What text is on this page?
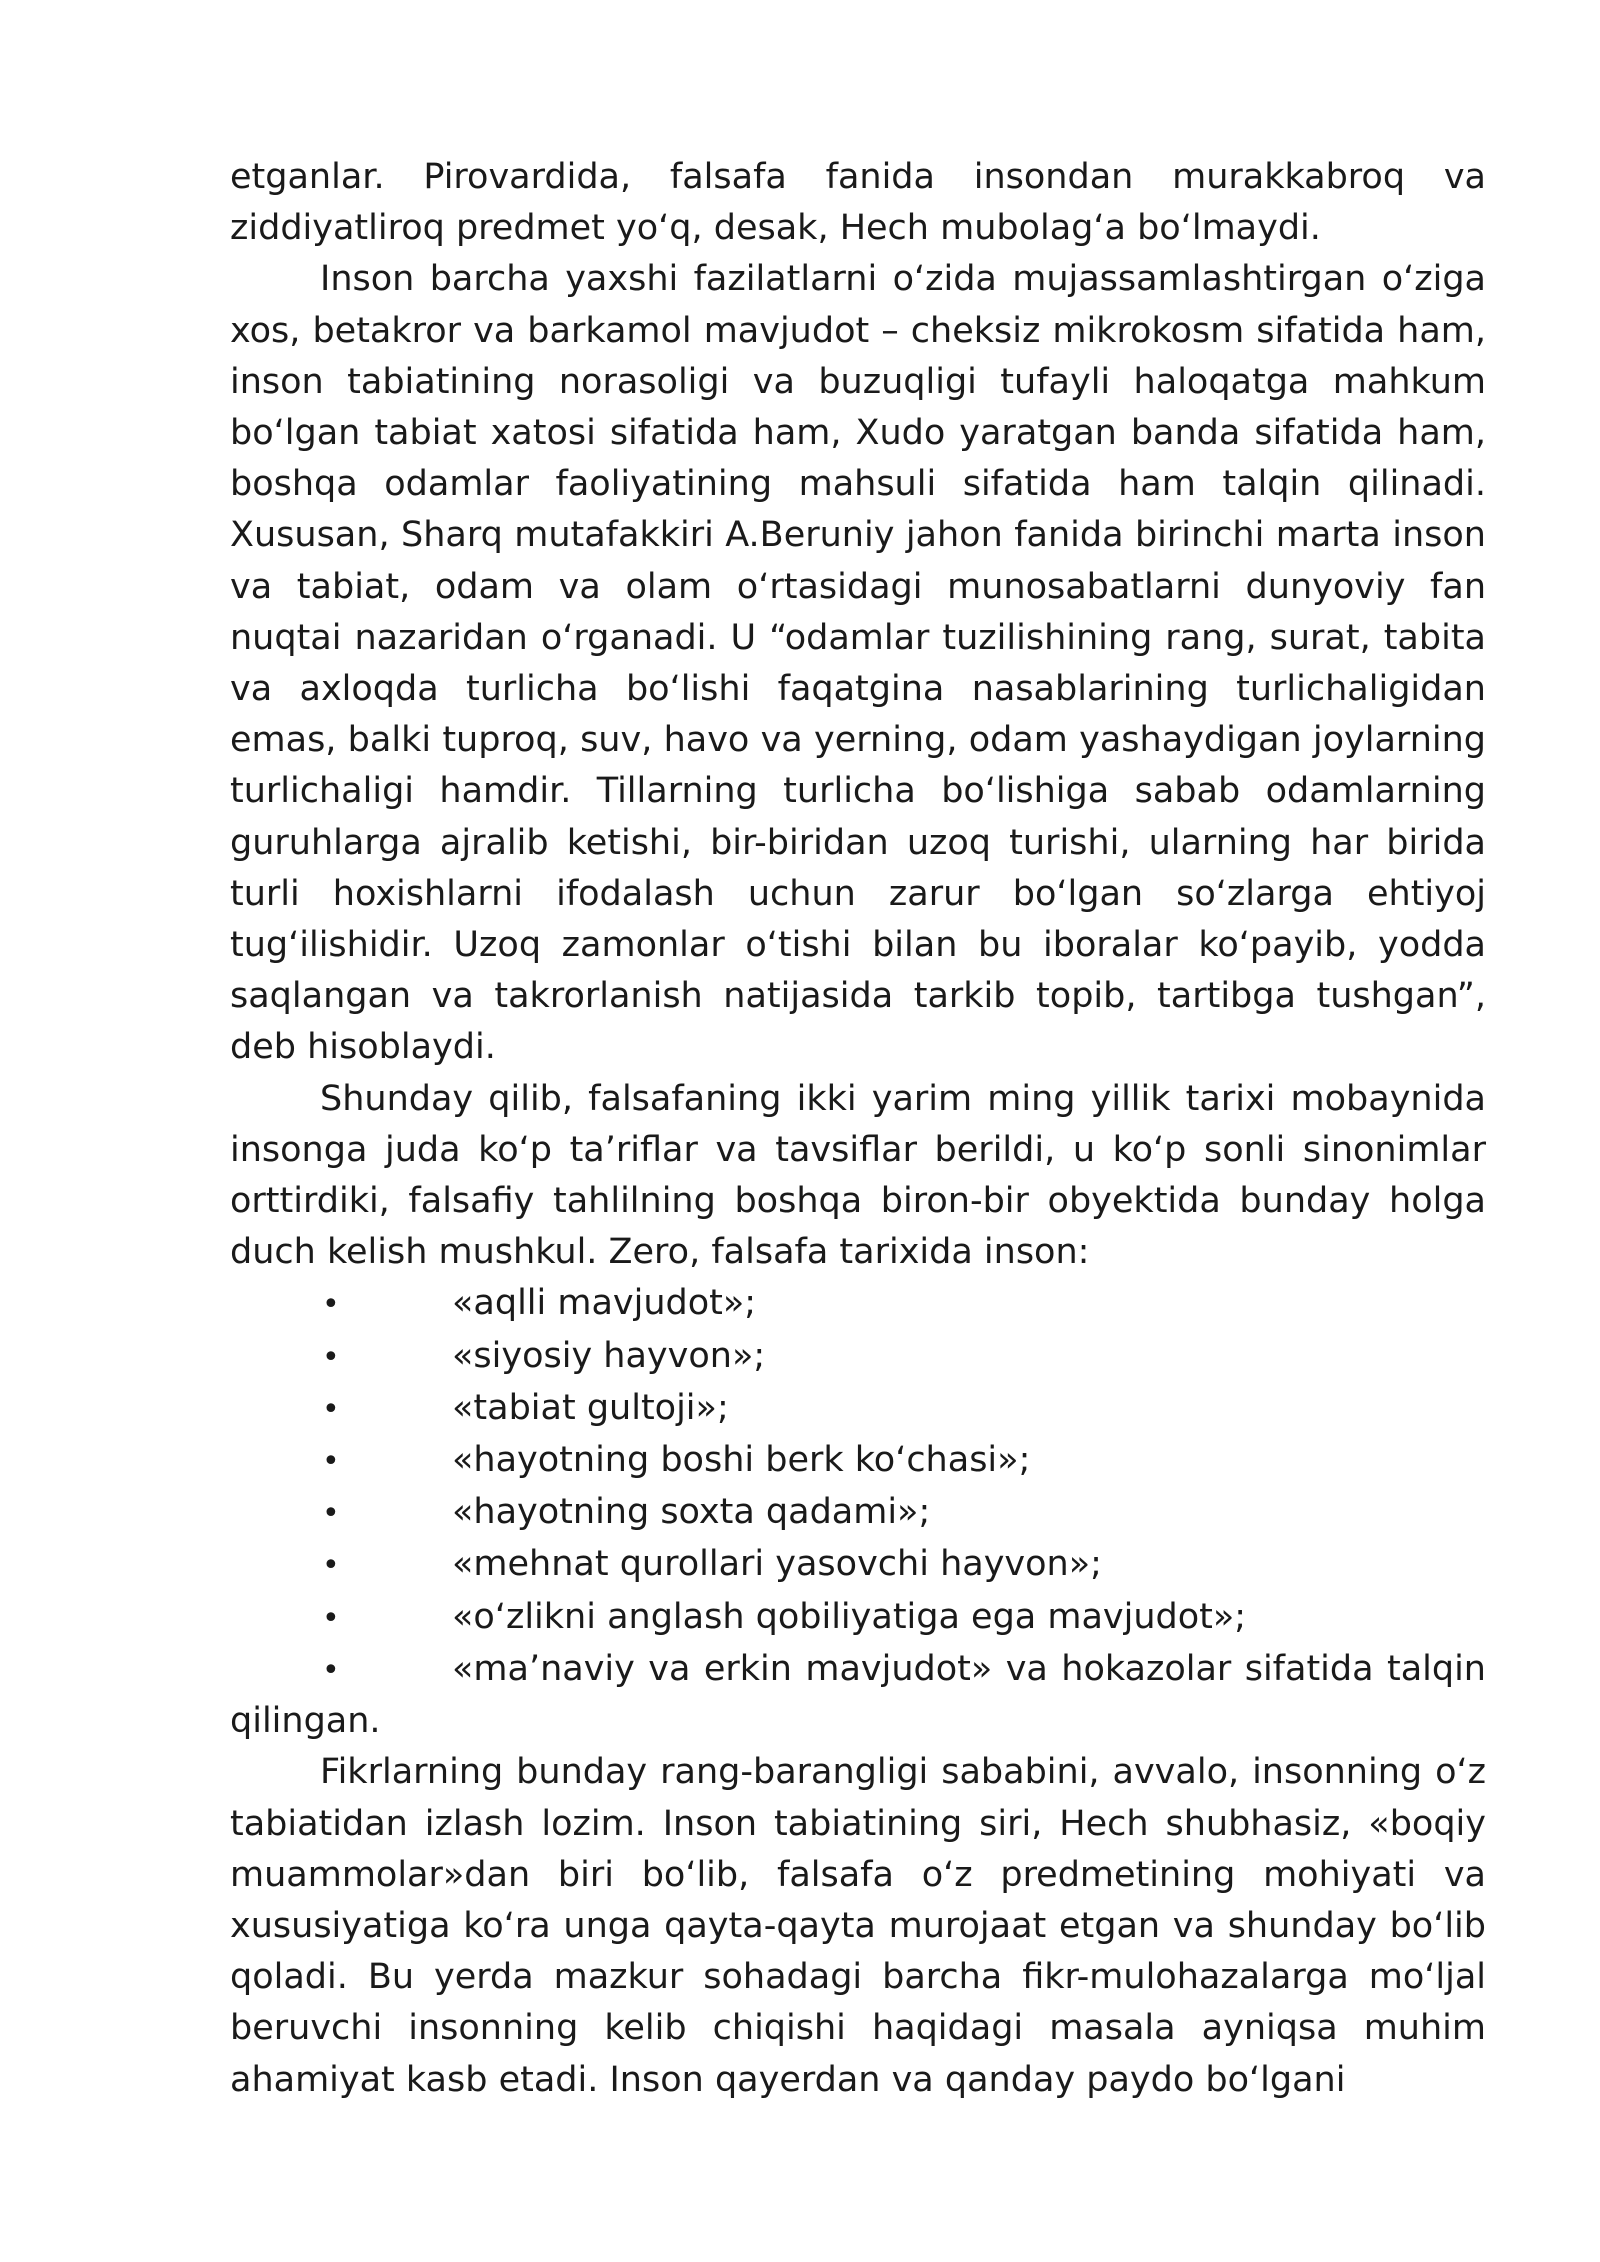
etganlar. Pirovardida, falsafa fanida insondan murakkabroq va ziddiyatliroq predmet yo‘q, desak, Hech mubolag‘a bo‘lmaydi.

Inson barcha yaxshi fazilatlarni o‘zida mujassamlashtirgan o‘ziga xos, betakror va barkamol mavjudot – cheksiz mikrokosm sifatida ham, inson tabiatining norasoligi va buzuqligi tufayli haloqatga mahkum bo‘lgan tabiat xatosi sifatida ham, Xudo yaratgan banda sifatida ham, boshqa odamlar faoliyatining mahsuli sifatida ham talqin qilinadi. Xususan, Sharq mutafakkiri A.Beruniy jahon fanida birinchi marta inson va tabiat, odam va olam o‘rtasidagi munosabatlarni dunyoviy fan nuqtai nazaridan o‘rganadi. U “odamlar tuzilishining rang, surat, tabita va axloqda turlicha bo‘lishi faqatgina nasablarining turlichaligidan emas, balki tuproq, suv, havo va yerning, odam yashaydigan joylarning turlichaligi hamdir. Tillarning turlicha bo‘lishiga sabab odamlarning guruhlarga ajralib ketishi, bir-biridan uzoq turishi, ularning har birida turli hoxishlarni ifodalash uchun zarur bo‘lgan so‘zlarga ehtiyoj tug‘ilishidir. Uzoq zamonlar o‘tishi bilan bu iboralar ko‘payib, yodda saqlangan va takrorlanish natijasida tarkib topib, tartibga tushgan”, deb hisoblaydi.

Shunday qilib, falsafaning ikki yarim ming yillik tarixi mobaynida insonga juda ko‘p ta’riflar va tavsiflar berildi, u ko‘p sonli sinonimlar orttirdiki, falsafiy tahlilning boshqa biron-bir obyektida bunday holga duch kelish mushkul. Zero, falsafa tarixida inson:

•	«aqlli mavjudot»;
•	«siyosiy hayvon»;
•	«tabiat gultoji»;
•	«hayotning boshi berk ko‘chasi»;
•	«hayotning soxta qadami»;
•	«mehnat qurollari yasovchi hayvon»;
•	«o‘zlikni anglash qobiliyatiga ega mavjudot»;
•	«ma’naviy va erkin mavjudot» va hokazolar sifatida talqin
qilingan.

Fikrlarning bunday rang-barangligi sababini, avvalo, insonning o‘z tabiatidan izlash lozim. Inson tabiatining siri, Hech shubhasiz, «boqiy muammolar»dan biri bo‘lib, falsafa o‘z predmetining mohiyati va xususiyatiga ko‘ra unga qayta-qayta murojaat etgan va shunday bo‘lib qoladi. Bu yerda mazkur sohadagi barcha fikr-mulohazalarga mo‘ljal beruvchi insonning kelib chiqishi haqidagi masala ayniqsa muhim ahamiyat kasb etadi. Inson qayerdan va qanday paydo bo‘lgani
